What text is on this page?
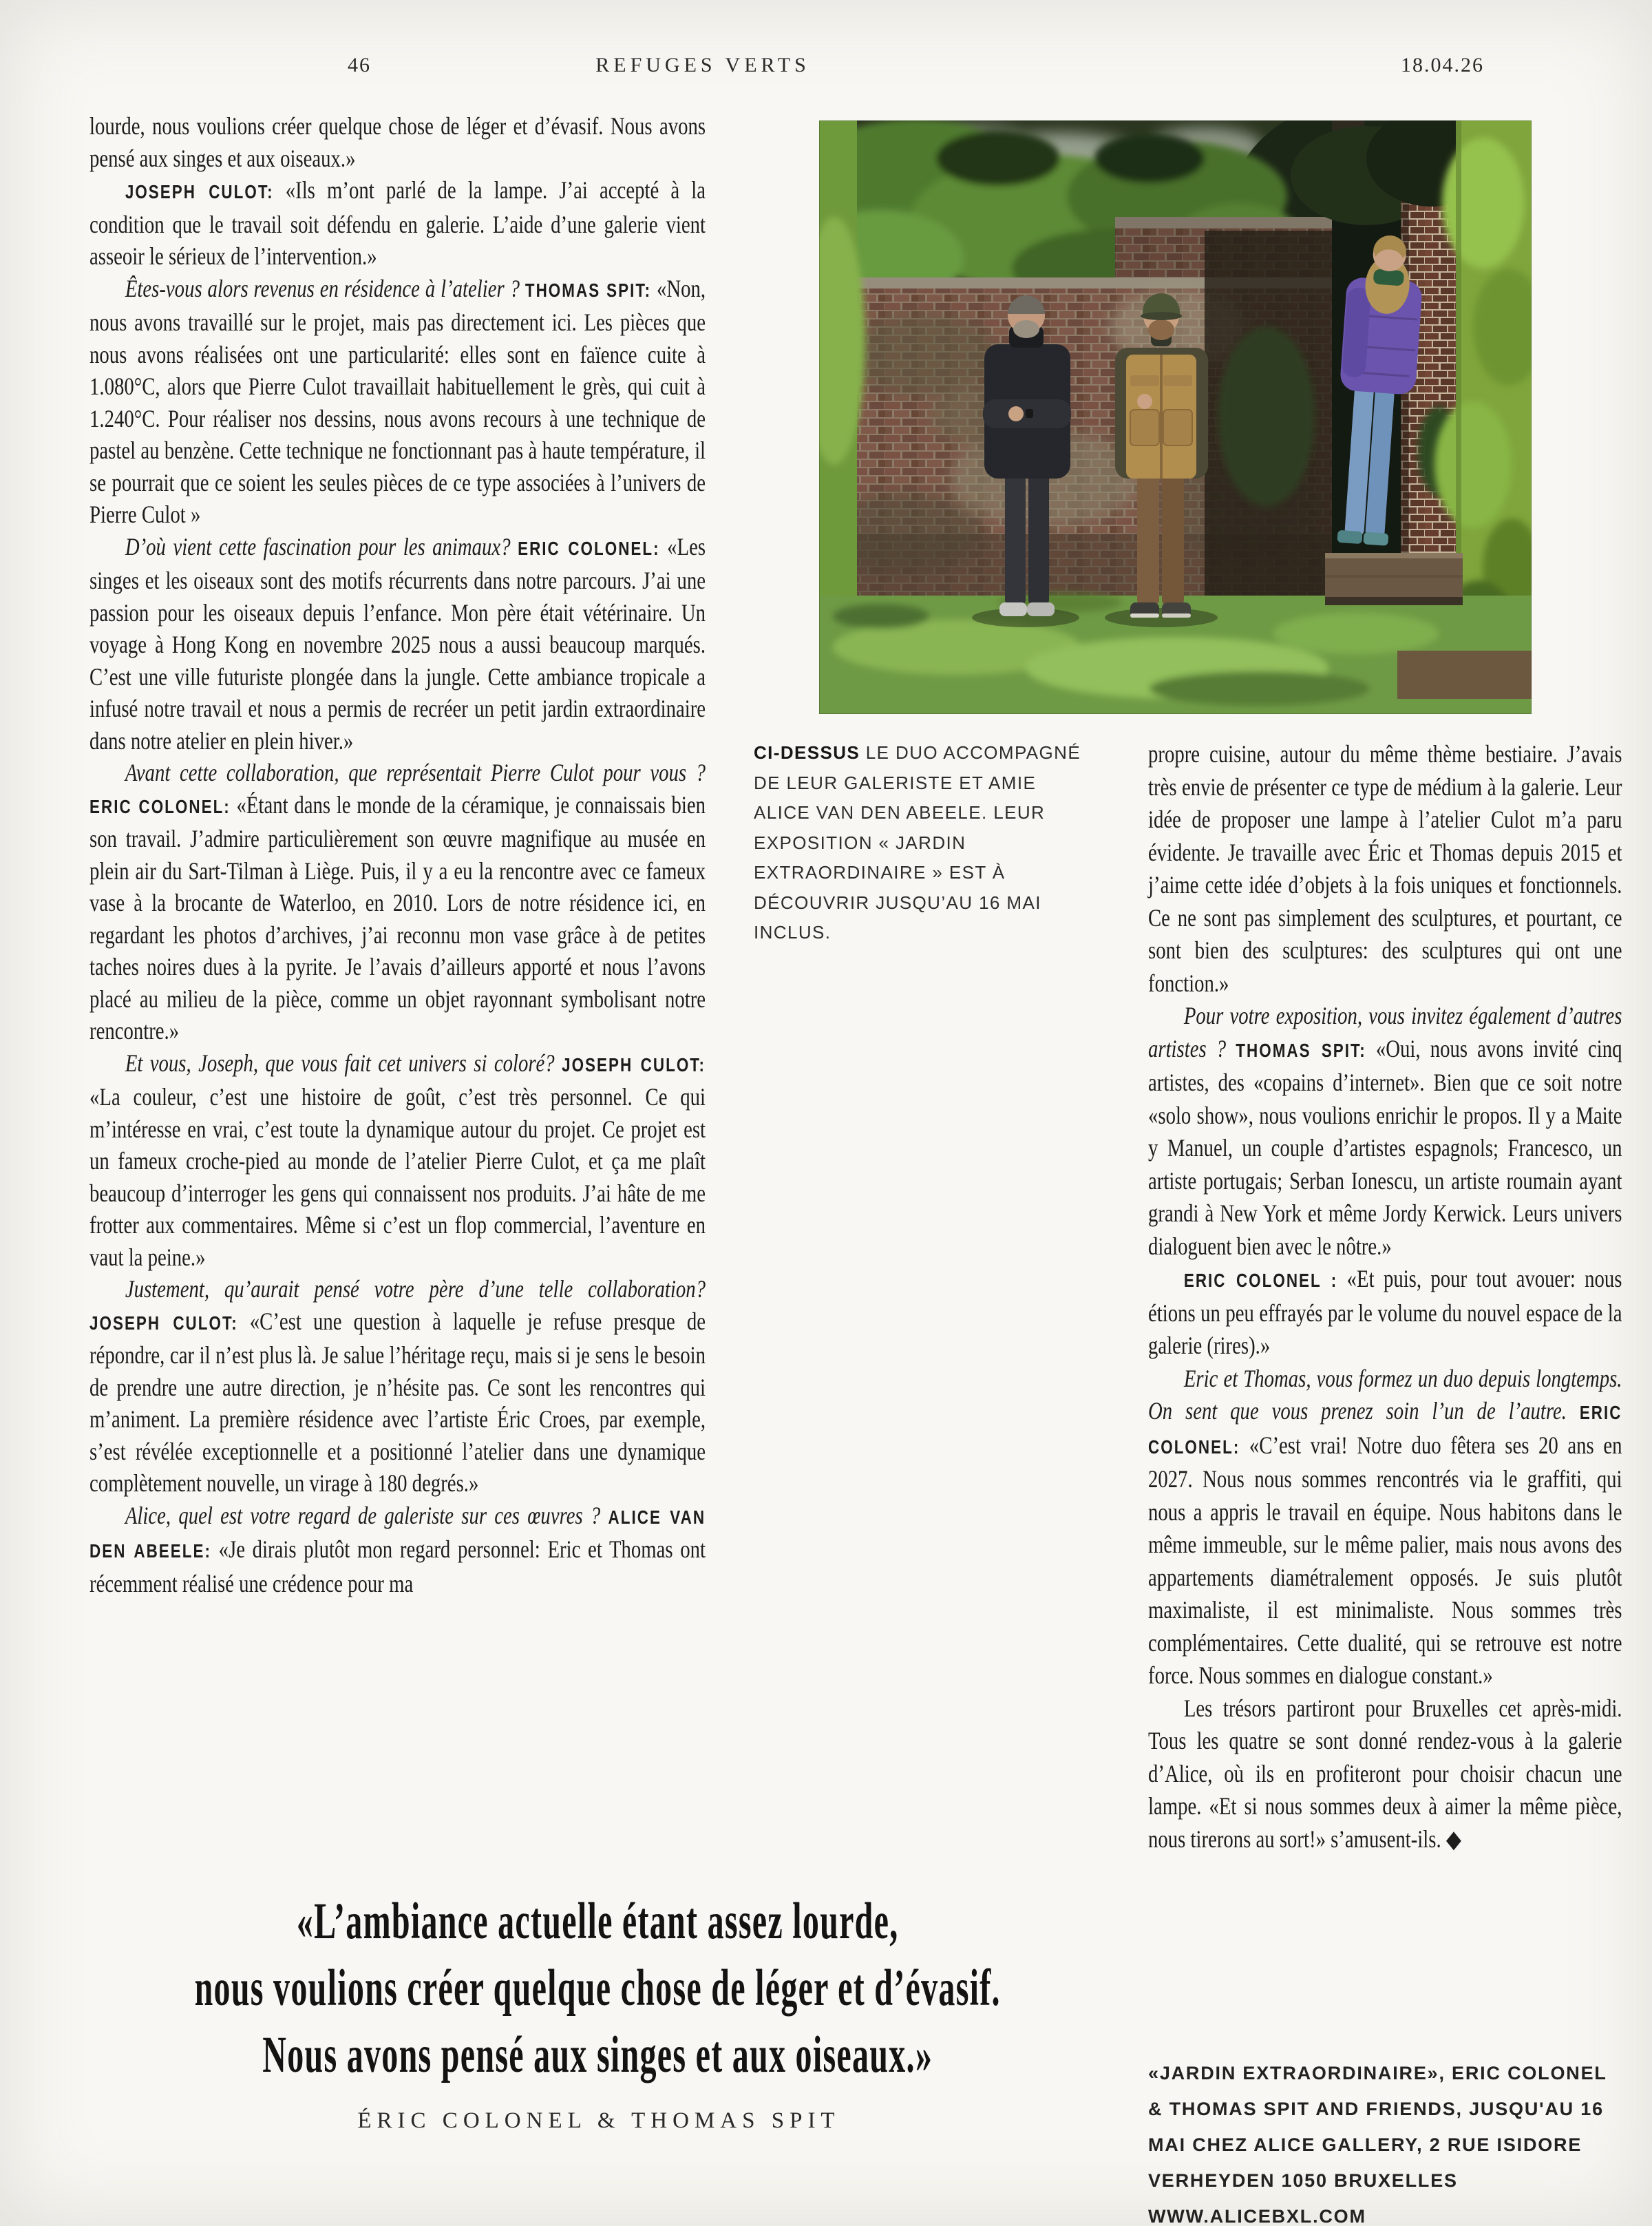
46	REFUGES VERTS	18.04.26

lourde, nous voulions créer quelque chose de léger et d’évasif. Nous avons pensé aux singes et aux oiseaux.»

JOSEPH CULOT: «Ils m’ont parlé de la lampe. J’ai accepté à la condition que le travail soit défendu en galerie. L’aide d’une galerie vient asseoir le sérieux de l’intervention.»

Êtes-vous alors revenus en résidence à l’atelier ? THOMAS SPIT: «Non, nous avons travaillé sur le projet, mais pas directement ici. Les pièces que nous avons réalisées ont une particularité: elles sont en faïence cuite à 1.080°C, alors que Pierre Culot travaillait habituellement le grès, qui cuit à 1.240°C. Pour réaliser nos dessins, nous avons recours à une technique de pastel au benzène. Cette technique ne fonctionnant pas à haute température, il se pourrait que ce soient les seules pièces de ce type associées à l’univers de Pierre Culot »

D’où vient cette fascination pour les animaux? ERIC COLONEL: «Les singes et les oiseaux sont des motifs récurrents dans notre parcours. J’ai une passion pour les oiseaux depuis l’enfance. Mon père était vétérinaire. Un voyage à Hong Kong en novembre 2025 nous a aussi beaucoup marqués. C’est une ville futuriste plongée dans la jungle. Cette ambiance tropicale a infusé notre travail et nous a permis de recréer un petit jardin extraordinaire dans notre atelier en plein hiver.»

Avant cette collaboration, que représentait Pierre Culot pour vous ? ERIC COLONEL: «Étant dans le monde de la céramique, je connaissais bien son travail. J’admire particulièrement son œuvre magnifique au musée en plein air du Sart-Tilman à Liège. Puis, il y a eu la rencontre avec ce fameux vase à la brocante de Waterloo, en 2010. Lors de notre résidence ici, en regardant les photos d’archives, j’ai reconnu mon vase grâce à de petites taches noires dues à la pyrite. Je l’avais d’ailleurs apporté et nous l’avons placé au milieu de la pièce, comme un objet rayonnant symbolisant notre rencontre.»

Et vous, Joseph, que vous fait cet univers si coloré? JOSEPH CULOT: «La couleur, c’est une histoire de goût, c’est très personnel. Ce qui m’intéresse en vrai, c’est toute la dynamique autour du projet. Ce projet est un fameux croche-pied au monde de l’atelier Pierre Culot, et ça me plaît beaucoup d’interroger les gens qui connaissent nos produits. J’ai hâte de me frotter aux commentaires. Même si c’est un flop commercial, l’aventure en vaut la peine.»

Justement, qu’aurait pensé votre père d’une telle collaboration? JOSEPH CULOT: «C’est une question à laquelle je refuse presque de répondre, car il n’est plus là. Je salue l’héritage reçu, mais si je sens le besoin de prendre une autre direction, je n’hésite pas. Ce sont les rencontres qui m’animent. La première résidence avec l’artiste Éric Croes, par exemple, s’est révélée exceptionnelle et a positionné l’atelier dans une dynamique complètement nouvelle, un virage à 180 degrés.»

Alice, quel est votre regard de galeriste sur ces œuvres ? ALICE VAN DEN ABEELE: «Je dirais plutôt mon regard personnel: Eric et Thomas ont récemment réalisé une crédence pour ma

CI-DESSUS LE DUO ACCOMPAGNÉ DE LEUR GALERISTE ET AMIE ALICE VAN DEN ABEELE. LEUR EXPOSITION « JARDIN EXTRAORDINAIRE » EST À DÉCOUVRIR JUSQU’AU 16 MAI INCLUS.

propre cuisine, autour du même thème bestiaire. J’avais très envie de présenter ce type de médium à la galerie. Leur idée de proposer une lampe à l’atelier Culot m’a paru évidente. Je travaille avec Éric et Thomas depuis 2015 et j’aime cette idée d’objets à la fois uniques et fonctionnels. Ce ne sont pas simplement des sculptures, et pourtant, ce sont bien des sculptures: des sculptures qui ont une fonction.»

Pour votre exposition, vous invitez également d’autres artistes ? THOMAS SPIT: «Oui, nous avons invité cinq artistes, des «copains d’internet». Bien que ce soit notre «solo show», nous voulions enrichir le propos. Il y a Maite y Manuel, un couple d’artistes espagnols; Francesco, un artiste portugais; Serban Ionescu, un artiste roumain ayant grandi à New York et même Jordy Kerwick. Leurs univers dialoguent bien avec le nôtre.»

ERIC COLONEL : «Et puis, pour tout avouer: nous étions un peu effrayés par le volume du nouvel espace de la galerie (rires).»

Eric et Thomas, vous formez un duo depuis longtemps. On sent que vous prenez soin l’un de l’autre. ERIC COLONEL: «C’est vrai! Notre duo fêtera ses 20 ans en 2027. Nous nous sommes rencontrés via le graffiti, qui nous a appris le travail en équipe. Nous habitons dans le même immeuble, sur le même palier, mais nous avons des appartements diamétralement opposés. Je suis plutôt maximaliste, il est minimaliste. Nous sommes très complémentaires. Cette dualité, qui se retrouve est notre force. Nous sommes en dialogue constant.»

Les trésors partiront pour Bruxelles cet après-midi. Tous les quatre se sont donné rendez-vous à la galerie d’Alice, où ils en profiteront pour choisir chacun une lampe. «Et si nous sommes deux à aimer la même pièce, nous tirerons au sort!» s’amusent-ils. ◆

«L’ambiance actuelle étant assez lourde,
nous voulions créer quelque chose de léger et d’évasif.
Nous avons pensé aux singes et aux oiseaux.»
ÉRIC COLONEL & THOMAS SPIT
«JARDIN EXTRAORDINAIRE», ERIC COLONEL
& THOMAS SPIT AND FRIENDS, JUSQU'AU 16
MAI CHEZ ALICE GALLERY, 2 RUE ISIDORE
VERHEYDEN 1050 BRUXELLES
WWW.ALICEBXL.COM
